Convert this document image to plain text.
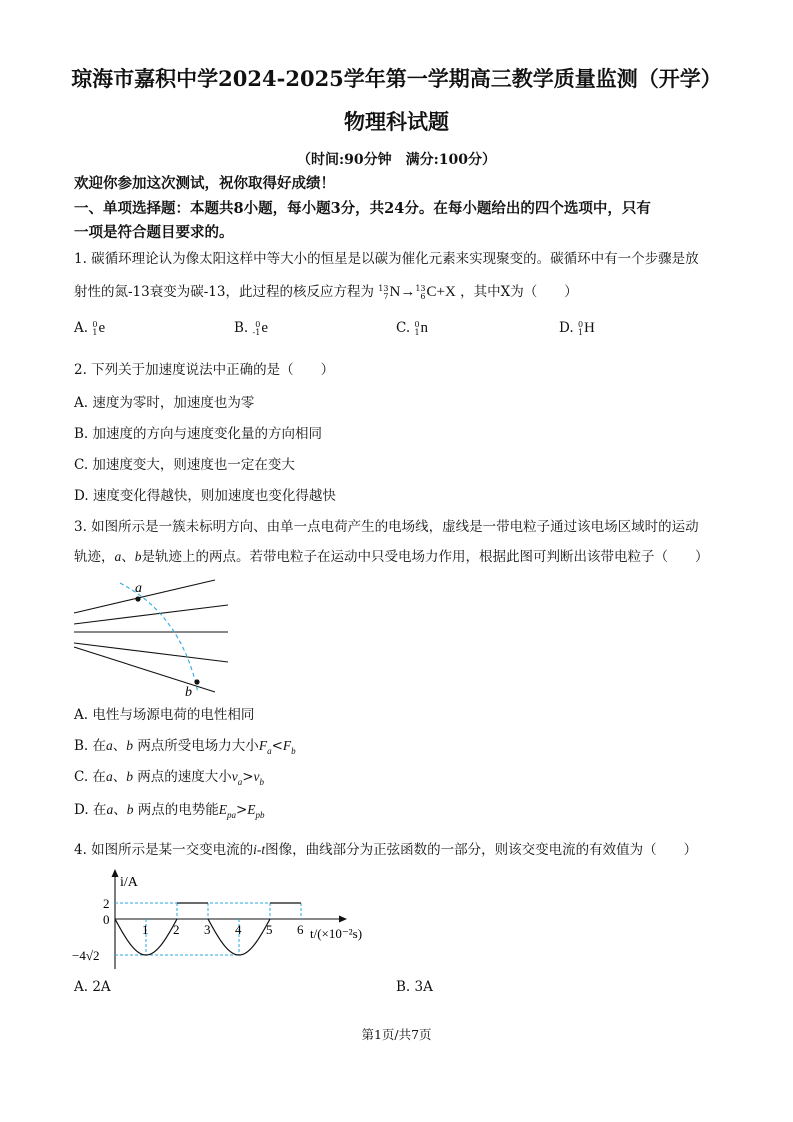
琼海市嘉积中学2024-2025学年第一学期高三教学质量监测（开学）
物理科试题
（时间:90分钟　满分:100分）
欢迎你参加这次测试，祝你取得好成绩！
一、单项选择题：本题共8小题，每小题3分，共24分。在每小题给出的四个选项中，只有
一项是符合题目要求的。
1. 碳循环理论认为像太阳这样中等大小的恒星是以碳为催化元素来实现聚变的。碳循环中有一个步骤是放
射性的氮-13衰变为碳-13，此过程的核反应方程为 13
7 N→ 13
6 C+X ，其中X为（　　）
A. 0
1 e	B. 0
-1 e	C. 0
1 n	D. 0
1 H
2. 下列关于加速度说法中正确的是（　　）
A. 速度为零时，加速度也为零
B. 加速度的方向与速度变化量的方向相同
C. 加速度变大，则速度也一定在变大
D. 速度变化得越快，则加速度也变化得越快
3. 如图所示是一簇未标明方向、由单一点电荷产生的电场线，虚线是一带电粒子通过该电场区域时的运动
轨迹，a、b是轨迹上的两点。若带电粒子在运动中只受电场力作用，根据此图可判断出该带电粒子（　　）
a
b
A. 电性与场源电荷的电性相同
B. 在a、b 两点所受电场力大小$F_a<F_b$
C. 在a、b 两点的速度大小$v_a>v_b$
D. 在a、b 两点的电势能$E_{pa}>E_{pb}$
4. 如图所示是某一交变电流的i-t图像，曲线部分为正弦函数的一部分，则该交变电流的有效值为（　　）
i/A
t/(×10⁻²s)
1 2 3 4 5 6
2
0
−4√2
A. 2A	B. 3A
第1页/共7页
